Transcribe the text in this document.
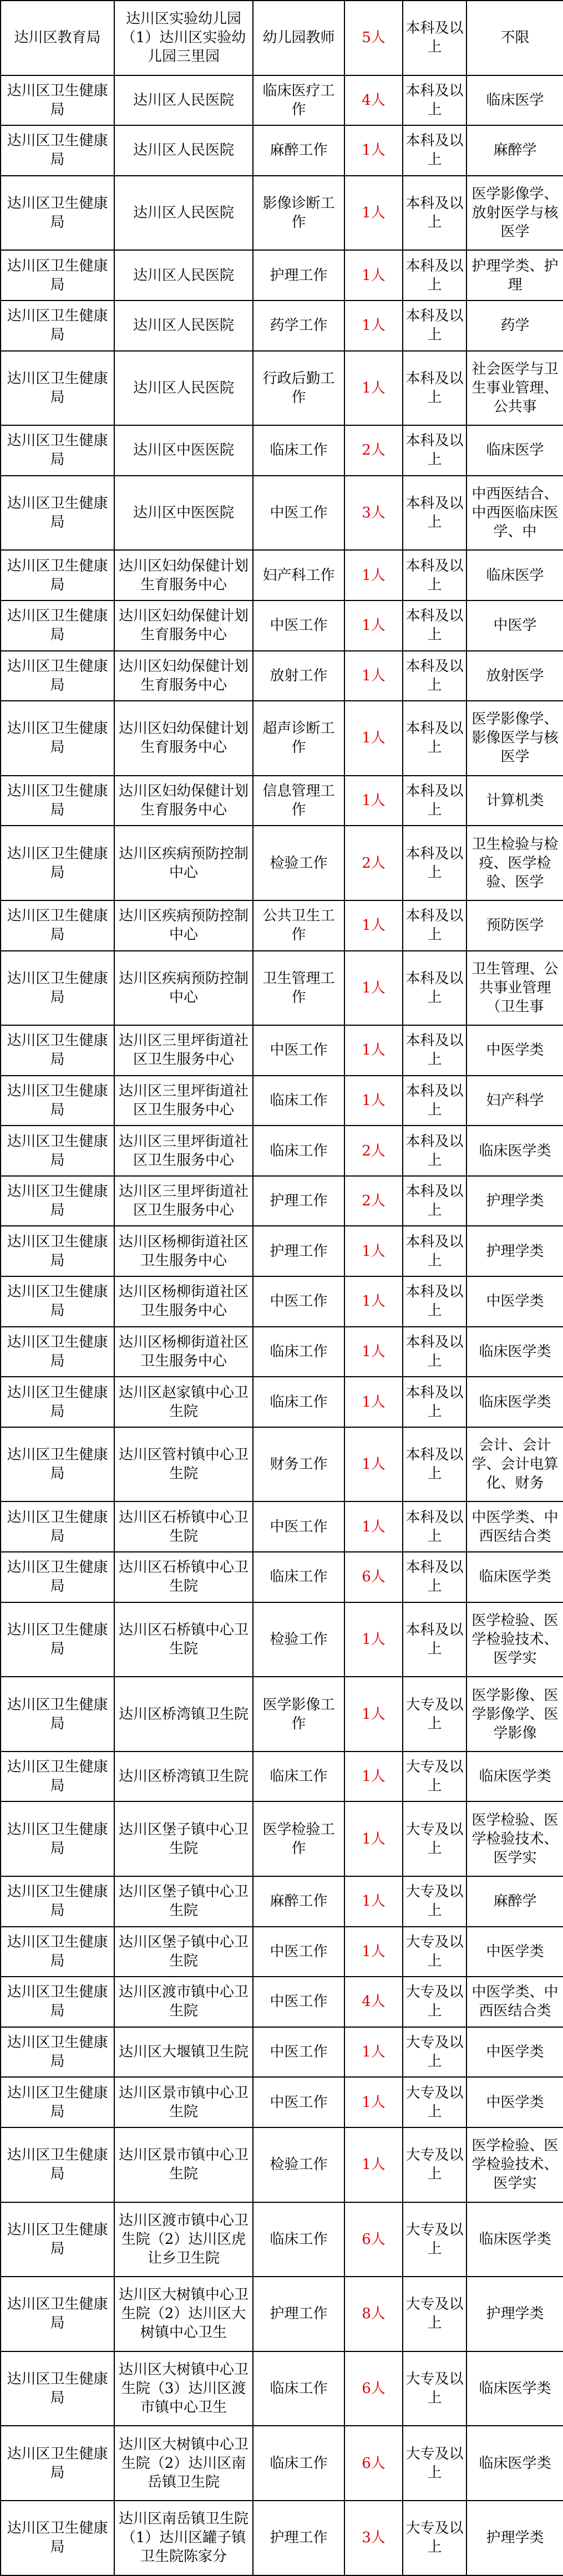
达川区教育局	达川区实验幼儿园（1）达川区实验幼儿园三里园	幼儿园教师	5人	本科及以上	不限

达川区卫生健康局	达川区人民医院	临床医疗工作	4人	本科及以上	临床医学

达川区卫生健康局	达川区人民医院	麻醉工作	1人	本科及以上	麻醉学

达川区卫生健康局	达川区人民医院	影像诊断工作	1人	本科及以上	医学影像学、放射医学与核医学

达川区卫生健康局	达川区人民医院	护理工作	1人	本科及以上	护理学类、护理

达川区卫生健康局	达川区人民医院	药学工作	1人	本科及以上	药学

达川区卫生健康局	达川区人民医院	行政后勤工作	1人	本科及以上	社会医学与卫生事业管理、公共事

达川区卫生健康局	达川区中医医院	临床工作	2人	本科及以上	临床医学

达川区卫生健康局	达川区中医医院	中医工作	3人	本科及以上	中西医结合、中西医临床医学、中

达川区卫生健康局	达川区妇幼保健计划生育服务中心	妇产科工作	1人	本科及以上	临床医学

达川区卫生健康局	达川区妇幼保健计划生育服务中心	中医工作	1人	本科及以上	中医学

达川区卫生健康局	达川区妇幼保健计划生育服务中心	放射工作	1人	本科及以上	放射医学

达川区卫生健康局	达川区妇幼保健计划生育服务中心	超声诊断工作	1人	本科及以上	医学影像学、影像医学与核医学

达川区卫生健康局	达川区妇幼保健计划生育服务中心	信息管理工作	1人	本科及以上	计算机类

达川区卫生健康局	达川区疾病预防控制中心	检验工作	2人	本科及以上	卫生检验与检疫、医学检验、医学

达川区卫生健康局	达川区疾病预防控制中心	公共卫生工作	1人	本科及以上	预防医学

达川区卫生健康局	达川区疾病预防控制中心	卫生管理工作	1人	本科及以上	卫生管理、公共事业管理（卫生事

达川区卫生健康局	达川区三里坪街道社区卫生服务中心	中医工作	1人	本科及以上	中医学类

达川区卫生健康局	达川区三里坪街道社区卫生服务中心	临床工作	1人	本科及以上	妇产科学

达川区卫生健康局	达川区三里坪街道社区卫生服务中心	临床工作	2人	本科及以上	临床医学类

达川区卫生健康局	达川区三里坪街道社区卫生服务中心	护理工作	2人	本科及以上	护理学类

达川区卫生健康局	达川区杨柳街道社区卫生服务中心	护理工作	1人	本科及以上	护理学类

达川区卫生健康局	达川区杨柳街道社区卫生服务中心	中医工作	1人	本科及以上	中医学类

达川区卫生健康局	达川区杨柳街道社区卫生服务中心	临床工作	1人	本科及以上	临床医学类

达川区卫生健康局	达川区赵家镇中心卫生院	临床工作	1人	本科及以上	临床医学类

达川区卫生健康局	达川区管村镇中心卫生院	财务工作	1人	本科及以上	会计、会计学、会计电算化、财务

达川区卫生健康局	达川区石桥镇中心卫生院	中医工作	1人	本科及以上	中医学类、中西医结合类

达川区卫生健康局	达川区石桥镇中心卫生院	临床工作	6人	本科及以上	临床医学类

达川区卫生健康局	达川区石桥镇中心卫生院	检验工作	1人	本科及以上	医学检验、医学检验技术、医学实

达川区卫生健康局	达川区桥湾镇卫生院	医学影像工作	1人	大专及以上	医学影像、医学影像学、医学影像

达川区卫生健康局	达川区桥湾镇卫生院	临床工作	1人	大专及以上	临床医学类

达川区卫生健康局	达川区堡子镇中心卫生院	医学检验工作	1人	大专及以上	医学检验、医学检验技术、医学实

达川区卫生健康局	达川区堡子镇中心卫生院	麻醉工作	1人	大专及以上	麻醉学

达川区卫生健康局	达川区堡子镇中心卫生院	中医工作	1人	大专及以上	中医学类

达川区卫生健康局	达川区渡市镇中心卫生院	中医工作	4人	大专及以上	中医学类、中西医结合类

达川区卫生健康局	达川区大堰镇卫生院	中医工作	1人	大专及以上	中医学类

达川区卫生健康局	达川区景市镇中心卫生院	中医工作	1人	大专及以上	中医学类

达川区卫生健康局	达川区景市镇中心卫生院	检验工作	1人	大专及以上	医学检验、医学检验技术、医学实

达川区卫生健康局	达川区渡市镇中心卫生院（2）达川区虎让乡卫生院	临床工作	6人	大专及以上	临床医学类

达川区卫生健康局	达川区大树镇中心卫生院（2）达川区大树镇中心卫生	护理工作	8人	大专及以上	护理学类

达川区卫生健康局	达川区大树镇中心卫生院（3）达川区渡市镇中心卫生	临床工作	6人	大专及以上	临床医学类

达川区卫生健康局	达川区大树镇中心卫生院（2）达川区南岳镇卫生院	临床工作	6人	大专及以上	临床医学类

达川区卫生健康局	达川区南岳镇卫生院（1）达川区罐子镇卫生院陈家分	护理工作	3人	大专及以上	护理学类
